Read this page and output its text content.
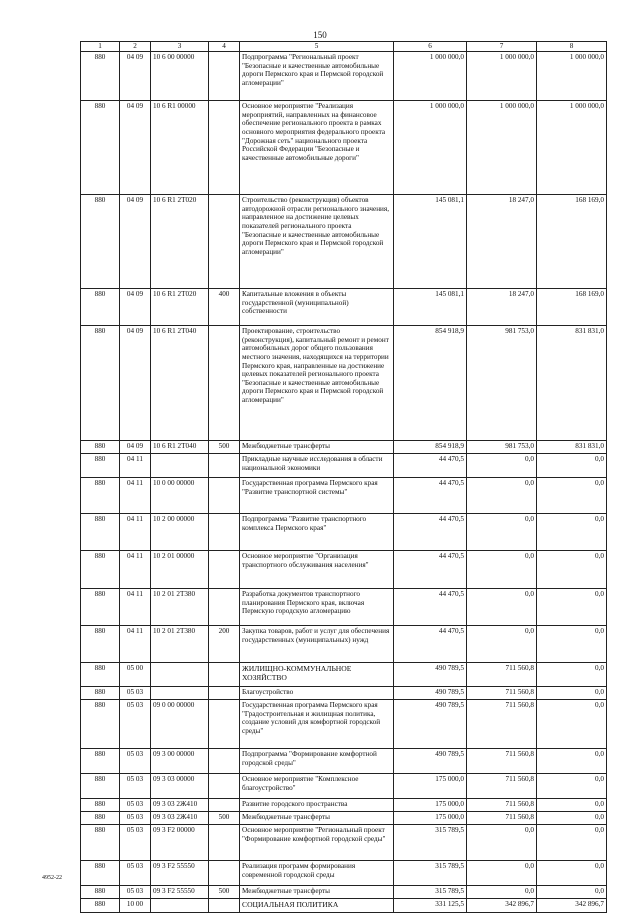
150
1	2	3	4	5	6	7	8
880	04 09	10 6 00 00000		Подпрограмма "Региональный проект "Безопасные и качественные автомобильные дороги Пермского края и Пермской городской агломерации"	1 000 000,0	1 000 000,0	1 000 000,0
880	04 09	10 6 R1 00000		Основное мероприятие "Реализация мероприятий, направленных на финансовое обеспечение регионального проекта в рамках основного мероприятия федерального проекта "Дорожная сеть" национального проекта Российской Федерации "Безопасные и качественные автомобильные дороги"	1 000 000,0	1 000 000,0	1 000 000,0
880	04 09	10 6 R1 2T020		Строительство (реконструкция) объектов автодорожной отрасли регионального значения, направленное на достижение целевых показателей регионального проекта "Безопасные и качественные автомобильные дороги Пермского края и Пермской городской агломерации"	145 081,1	18 247,0	168 169,0
880	04 09	10 6 R1 2T020	400	Капитальные вложения в объекты государственной (муниципальной) собственности	145 081,1	18 247,0	168 169,0
880	04 09	10 6 R1 2T040		Проектирование, строительство (реконструкция), капитальный ремонт и ремонт автомобильных дорог общего пользования местного значения, находящихся на территории Пермского края, направленные на достижение целевых показателей регионального проекта "Безопасные и качественные автомобильные дороги Пермского края и Пермской городской агломерации"	854 918,9	981 753,0	831 831,0
880	04 09	10 6 R1 2T040	500	Межбюджетные трансферты	854 918,9	981 753,0	831 831,0
880	04 11			Прикладные научные исследования в области национальной экономики	44 470,5	0,0	0,0
880	04 11	10 0 00 00000		Государственная программа Пермского края "Развитие транспортной системы"	44 470,5	0,0	0,0
880	04 11	10 2 00 00000		Подпрограмма "Развитие транспортного комплекса Пермского края"	44 470,5	0,0	0,0
880	04 11	10 2 01 00000		Основное мероприятие "Организация транспортного обслуживания населения"	44 470,5	0,0	0,0
880	04 11	10 2 01 2Т380		Разработка документов транспортного планирования Пермского края, включая Пермскую городскую агломерацию	44 470,5	0,0	0,0
880	04 11	10 2 01 2Т380	200	Закупка товаров, работ и услуг для обеспечения государственных (муниципальных) нужд	44 470,5	0,0	0,0
880	05 00			ЖИЛИЩНО-КОММУНАЛЬНОЕ ХОЗЯЙСТВО	490 789,5	711 560,8	0,0
880	05 03			Благоустройство	490 789,5	711 560,8	0,0
880	05 03	09 0 00 00000		Государственная программа Пермского края "Градостроительная и жилищная политика, создание условий для комфортной городской среды"	490 789,5	711 560,8	0,0
880	05 03	09 3 00 00000		Подпрограмма "Формирование комфортной городской среды"	490 789,5	711 560,8	0,0
880	05 03	09 3 03 00000		Основное мероприятие "Комплексное благоустройство"	175 000,0	711 560,8	0,0
880	05 03	09 3 03 2Ж410		Развитие городского пространства	175 000,0	711 560,8	0,0
880	05 03	09 3 03 2Ж410	500	Межбюджетные трансферты	175 000,0	711 560,8	0,0
880	05 03	09 3 F2 00000		Основное мероприятие "Региональный проект "Формирование комфортной городской среды"	315 789,5	0,0	0,0
880	05 03	09 3 F2 55550		Реализация программ формирования современной городской среды	315 789,5	0,0	0,0
880	05 03	09 3 F2 55550	500	Межбюджетные трансферты	315 789,5	0,0	0,0
880	10 00			СОЦИАЛЬНАЯ ПОЛИТИКА	331 125,5	342 896,7	342 896,7
4952-22
